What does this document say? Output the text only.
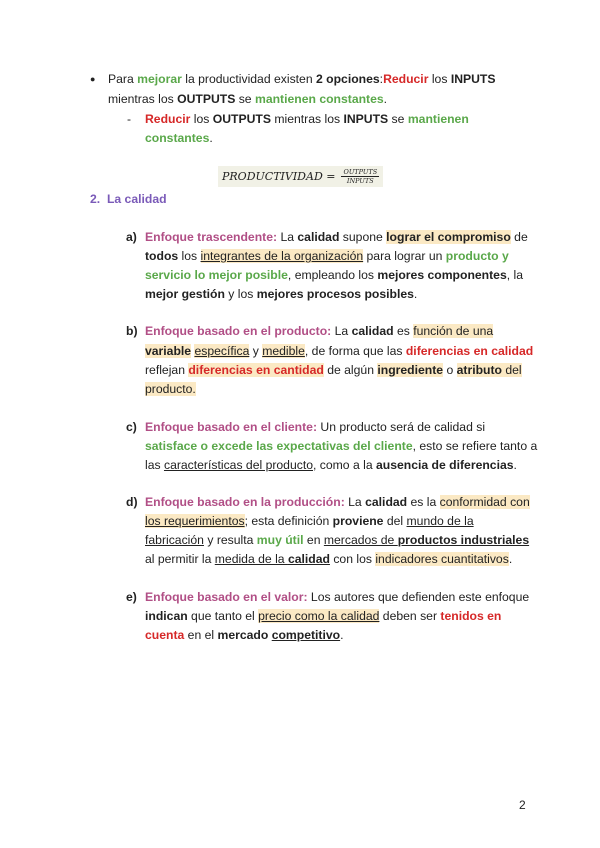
● Para mejorar la productividad existen 2 opciones:Reducir los INPUTS
mientras los OUTPUTS se mantienen constantes.
- Reducir los OUTPUTS mientras los INPUTS se mantienen
constantes.
PRODUCTIVIDAD = $\frac{\text{OUTPUTS}}{\text{INPUTS}}$
2. La calidad
a) Enfoque trascendente: La calidad supone lograr el compromiso de
todos los integrantes de la organización para lograr un producto y
servicio lo mejor posible, empleando los mejores componentes, la
mejor gestión y los mejores procesos posibles.
b) Enfoque basado en el producto: La calidad es función de una
variable específica y medible, de forma que las diferencias en calidad
reflejan diferencias en cantidad de algún ingrediente o atributo del
producto.
c) Enfoque basado en el cliente: Un producto será de calidad si
satisface o excede las expectativas del cliente, esto se refiere tanto a
las características del producto, como a la ausencia de diferencias.
d) Enfoque basado en la producción: La calidad es la conformidad con
los requerimientos; esta definición proviene del mundo de la
fabricación y resulta muy útil en mercados de productos industriales
al permitir la medida de la calidad con los indicadores cuantitativos.
e) Enfoque basado en el valor: Los autores que defienden este enfoque
indican que tanto el precio como la calidad deben ser tenidos en
cuenta en el mercado competitivo.
2
